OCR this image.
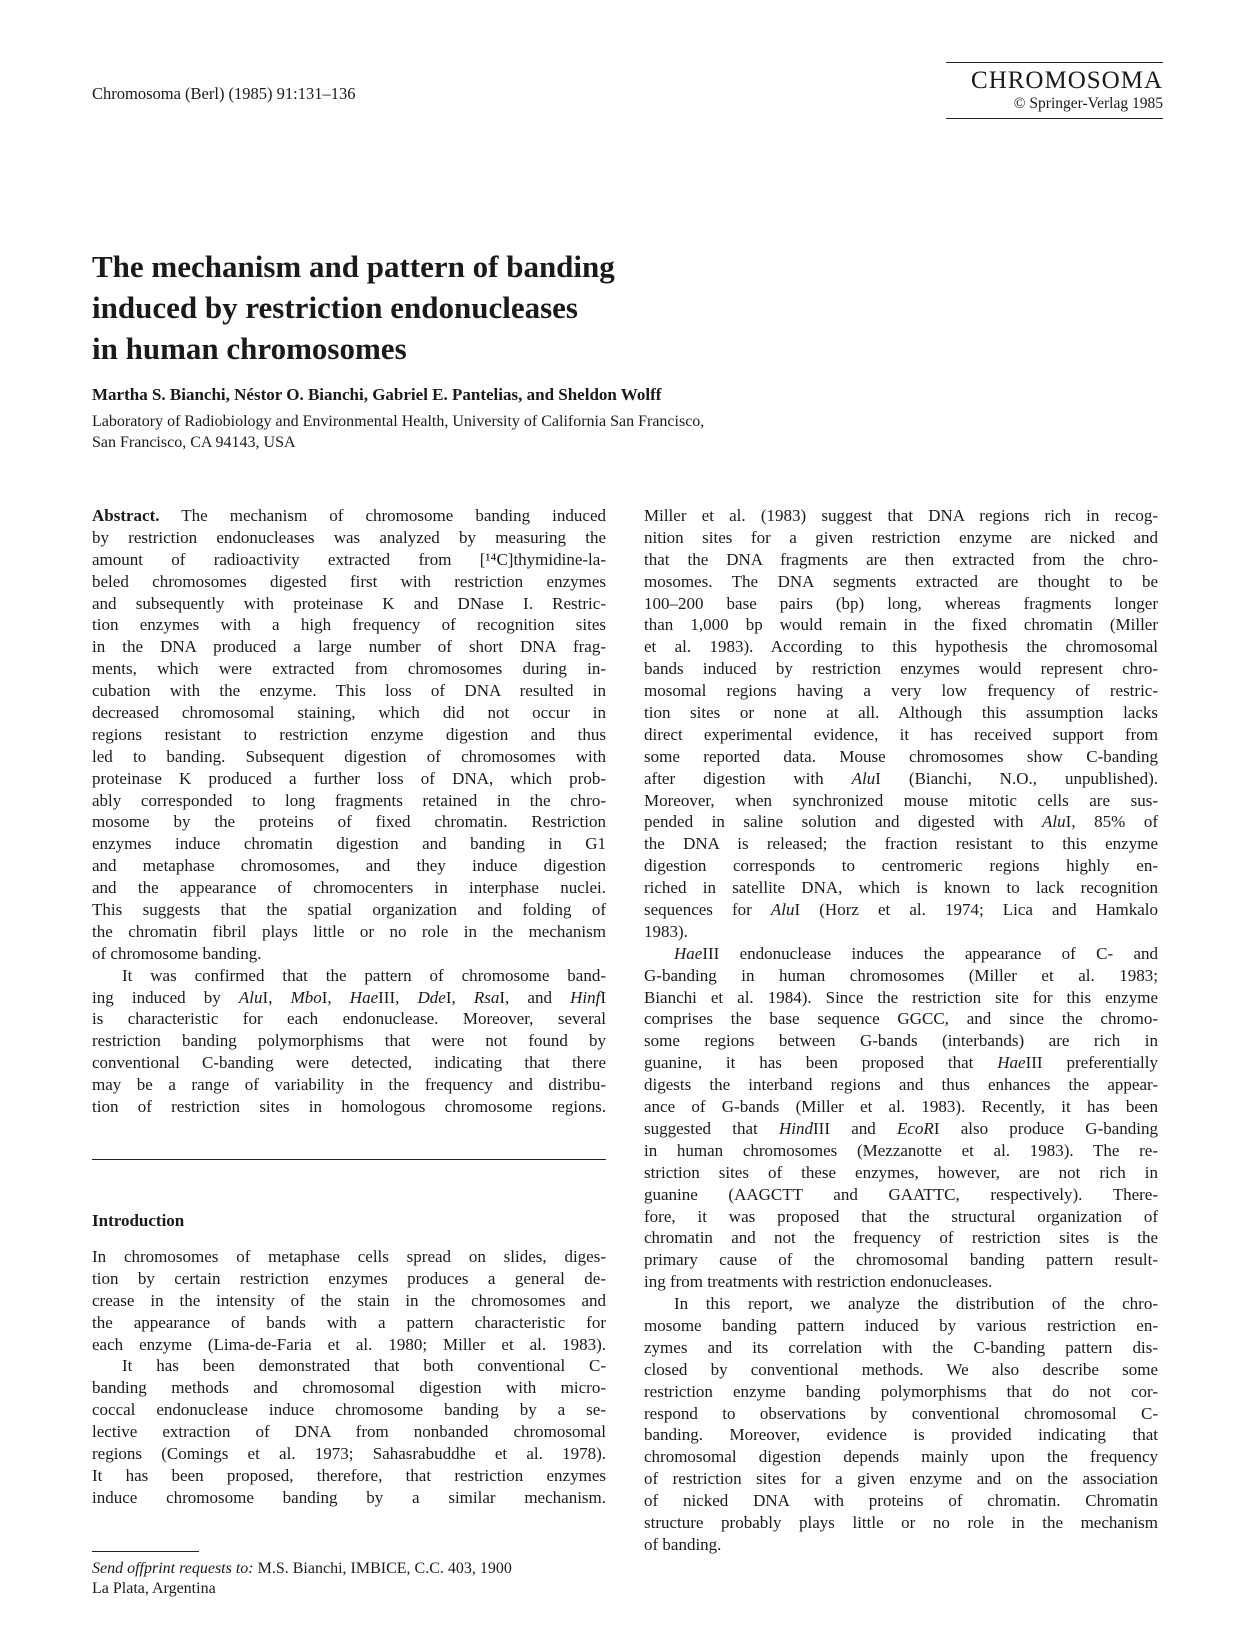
Chromosoma (Berl) (1985) 91:131–136	CHROMOSOMA
© Springer-Verlag 1985
The mechanism and pattern of banding
induced by restriction endonucleases
in human chromosomes
Martha S. Bianchi, Néstor O. Bianchi, Gabriel E. Pantelias, and Sheldon Wolff
Laboratory of Radiobiology and Environmental Health, University of California San Francisco,
San Francisco, CA 94143, USA
Abstract. The mechanism of chromosome banding induced
by restriction endonucleases was analyzed by measuring the
amount of radioactivity extracted from [¹⁴C]thymidine-la-
beled chromosomes digested first with restriction enzymes
and subsequently with proteinase K and DNase I. Restric-
tion enzymes with a high frequency of recognition sites
in the DNA produced a large number of short DNA frag-
ments, which were extracted from chromosomes during in-
cubation with the enzyme. This loss of DNA resulted in
decreased chromosomal staining, which did not occur in
regions resistant to restriction enzyme digestion and thus
led to banding. Subsequent digestion of chromosomes with
proteinase K produced a further loss of DNA, which prob-
ably corresponded to long fragments retained in the chro-
mosome by the proteins of fixed chromatin. Restriction
enzymes induce chromatin digestion and banding in G1
and metaphase chromosomes, and they induce digestion
and the appearance of chromocenters in interphase nuclei.
This suggests that the spatial organization and folding of
the chromatin fibril plays little or no role in the mechanism
of chromosome banding.
It was confirmed that the pattern of chromosome band-
ing induced by AluI, MboI, HaeIII, DdeI, RsaI, and HinfI
is characteristic for each endonuclease. Moreover, several
restriction banding polymorphisms that were not found by
conventional C-banding were detected, indicating that there
may be a range of variability in the frequency and distribu-
tion of restriction sites in homologous chromosome regions.
Introduction
In chromosomes of metaphase cells spread on slides, diges-
tion by certain restriction enzymes produces a general de-
crease in the intensity of the stain in the chromosomes and
the appearance of bands with a pattern characteristic for
each enzyme (Lima-de-Faria et al. 1980; Miller et al. 1983).
It has been demonstrated that both conventional C-
banding methods and chromosomal digestion with micro-
coccal endonuclease induce chromosome banding by a se-
lective extraction of DNA from nonbanded chromosomal
regions (Comings et al. 1973; Sahasrabuddhe et al. 1978).
It has been proposed, therefore, that restriction enzymes
induce chromosome banding by a similar mechanism.
Send offprint requests to: M.S. Bianchi, IMBICE, C.C. 403, 1900
La Plata, Argentina
Miller et al. (1983) suggest that DNA regions rich in recog-
nition sites for a given restriction enzyme are nicked and
that the DNA fragments are then extracted from the chro-
mosomes. The DNA segments extracted are thought to be
100–200 base pairs (bp) long, whereas fragments longer
than 1,000 bp would remain in the fixed chromatin (Miller
et al. 1983). According to this hypothesis the chromosomal
bands induced by restriction enzymes would represent chro-
mosomal regions having a very low frequency of restric-
tion sites or none at all. Although this assumption lacks
direct experimental evidence, it has received support from
some reported data. Mouse chromosomes show C-banding
after digestion with AluI (Bianchi, N.O., unpublished).
Moreover, when synchronized mouse mitotic cells are sus-
pended in saline solution and digested with AluI, 85% of
the DNA is released; the fraction resistant to this enzyme
digestion corresponds to centromeric regions highly en-
riched in satellite DNA, which is known to lack recognition
sequences for AluI (Horz et al. 1974; Lica and Hamkalo
1983).
HaeIII endonuclease induces the appearance of C- and
G-banding in human chromosomes (Miller et al. 1983;
Bianchi et al. 1984). Since the restriction site for this enzyme
comprises the base sequence GGCC, and since the chromo-
some regions between G-bands (interbands) are rich in
guanine, it has been proposed that HaeIII preferentially
digests the interband regions and thus enhances the appear-
ance of G-bands (Miller et al. 1983). Recently, it has been
suggested that HindIII and EcoRI also produce G-banding
in human chromosomes (Mezzanotte et al. 1983). The re-
striction sites of these enzymes, however, are not rich in
guanine (AAGCTT and GAATTC, respectively). There-
fore, it was proposed that the structural organization of
chromatin and not the frequency of restriction sites is the
primary cause of the chromosomal banding pattern result-
ing from treatments with restriction endonucleases.
In this report, we analyze the distribution of the chro-
mosome banding pattern induced by various restriction en-
zymes and its correlation with the C-banding pattern dis-
closed by conventional methods. We also describe some
restriction enzyme banding polymorphisms that do not cor-
respond to observations by conventional chromosomal C-
banding. Moreover, evidence is provided indicating that
chromosomal digestion depends mainly upon the frequency
of restriction sites for a given enzyme and on the association
of nicked DNA with proteins of chromatin. Chromatin
structure probably plays little or no role in the mechanism
of banding.
